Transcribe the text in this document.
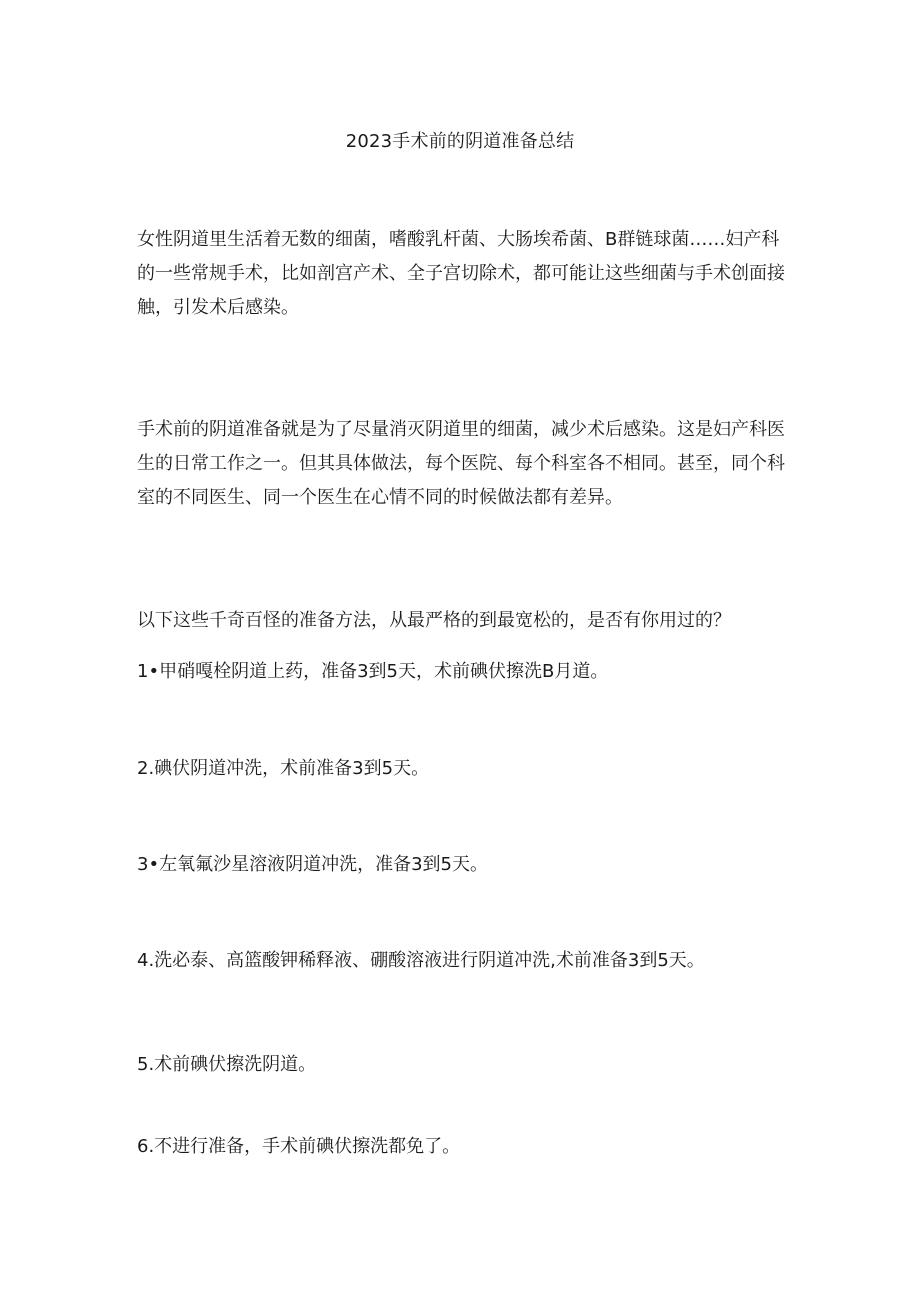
2023手术前的阴道准备总结

女性阴道里生活着无数的细菌，嗜酸乳杆菌、大肠埃希菌、B群链球菌……妇产科的一些常规手术，比如剖宫产术、全子宫切除术，都可能让这些细菌与手术创面接触，引发术后感染。

手术前的阴道准备就是为了尽量消灭阴道里的细菌，减少术后感染。这是妇产科医生的日常工作之一。但其具体做法，每个医院、每个科室各不相同。甚至，同个科室的不同医生、同一个医生在心情不同的时候做法都有差异。

以下这些千奇百怪的准备方法，从最严格的到最宽松的，是否有你用过的？

1•甲硝嘎栓阴道上药，准备3到5天，术前碘伏擦洗B月道。

2.碘伏阴道冲洗，术前准备3到5天。

3•左氧氟沙星溶液阴道冲洗，准备3到5天。

4.洗必泰、高篮酸钾稀释液、硼酸溶液进行阴道冲洗,术前准备3到5天。

5.术前碘伏擦洗阴道。

6.不进行准备，手术前碘伏擦洗都免了。
